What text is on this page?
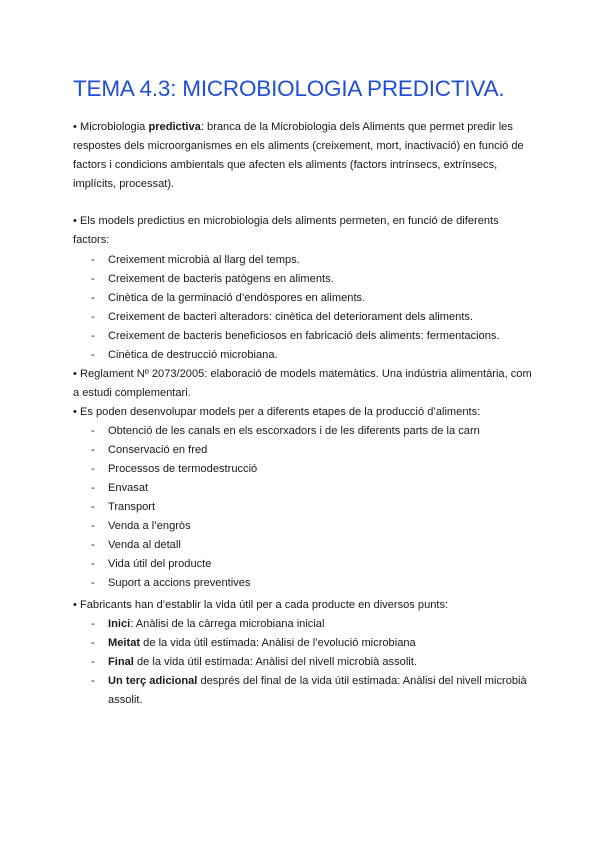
TEMA 4.3: MICROBIOLOGIA PREDICTIVA.

• Microbiologia predictiva: branca de la Microbiologia dels Aliments que permet predir les respostes dels microorganismes en els aliments (creixement, mort, inactivació) en funció de factors i condicions ambientals que afecten els aliments (factors intrínsecs, extrínsecs, implícits, processat).

• Els models predictius en microbiologia dels aliments permeten, en funció de diferents factors:

- Creixement microbià al llarg del temps.
- Creixement de bacteris patògens en aliments.
- Cinètica de la germinació d’endòspores en aliments.
- Creixement de bacteri alteradors: cinètica del deteriorament dels aliments.
- Creixement de bacteris beneficiosos en fabricació dels aliments: fermentacions.
- Cinètica de destrucció microbiana.

• Reglament Nº 2073/2005: elaboració de models matemàtics. Una indústria alimentària, com a estudi complementari.

• Es poden desenvolupar models per a diferents etapes de la producció d’aliments:

- Obtenció de les canals en els escorxadors i de les diferents parts de la carn
- Conservació en fred
- Processos de termodestrucció
- Envasat
- Transport
- Venda a l’engròs
- Venda al detall
- Vida útil del producte
- Suport a accions preventives

• Fabricants han d’establir la vida útil per a cada producte en diversos punts:

- Inici: Anàlisi de la càrrega microbiana inicial
- Meitat de la vida útil estimada: Anàlisi de l’evolució microbiana
- Final de la vida útil estimada: Anàlisi del nivell microbià assolit.
- Un terç adicional després del final de la vida útil estimada: Anàlisi del nivell microbià assolit.
